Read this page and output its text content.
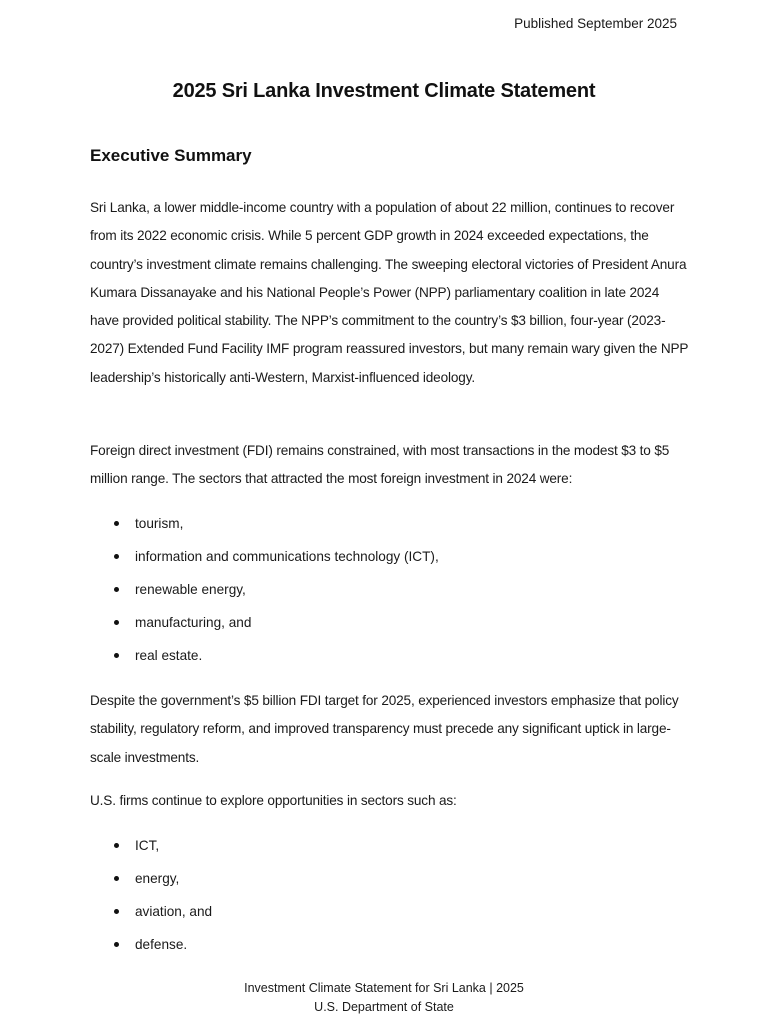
Published September 2025
2025 Sri Lanka Investment Climate Statement
Executive Summary

Sri Lanka, a lower middle-income country with a population of about 22 million, continues to recover from its 2022 economic crisis. While 5 percent GDP growth in 2024 exceeded expectations, the country’s investment climate remains challenging. The sweeping electoral victories of President Anura Kumara Dissanayake and his National People’s Power (NPP) parliamentary coalition in late 2024 have provided political stability. The NPP’s commitment to the country’s $3 billion, four-year (2023-2027) Extended Fund Facility IMF program reassured investors, but many remain wary given the NPP leadership’s historically anti-Western, Marxist-influenced ideology.

Foreign direct investment (FDI) remains constrained, with most transactions in the modest $3 to $5 million range. The sectors that attracted the most foreign investment in 2024 were:

tourism,
information and communications technology (ICT),
renewable energy,
manufacturing, and
real estate.

Despite the government’s $5 billion FDI target for 2025, experienced investors emphasize that policy stability, regulatory reform, and improved transparency must precede any significant uptick in large-scale investments.

U.S. firms continue to explore opportunities in sectors such as:

ICT,
energy,
aviation, and
defense.
Investment Climate Statement for Sri Lanka | 2025
U.S. Department of State
